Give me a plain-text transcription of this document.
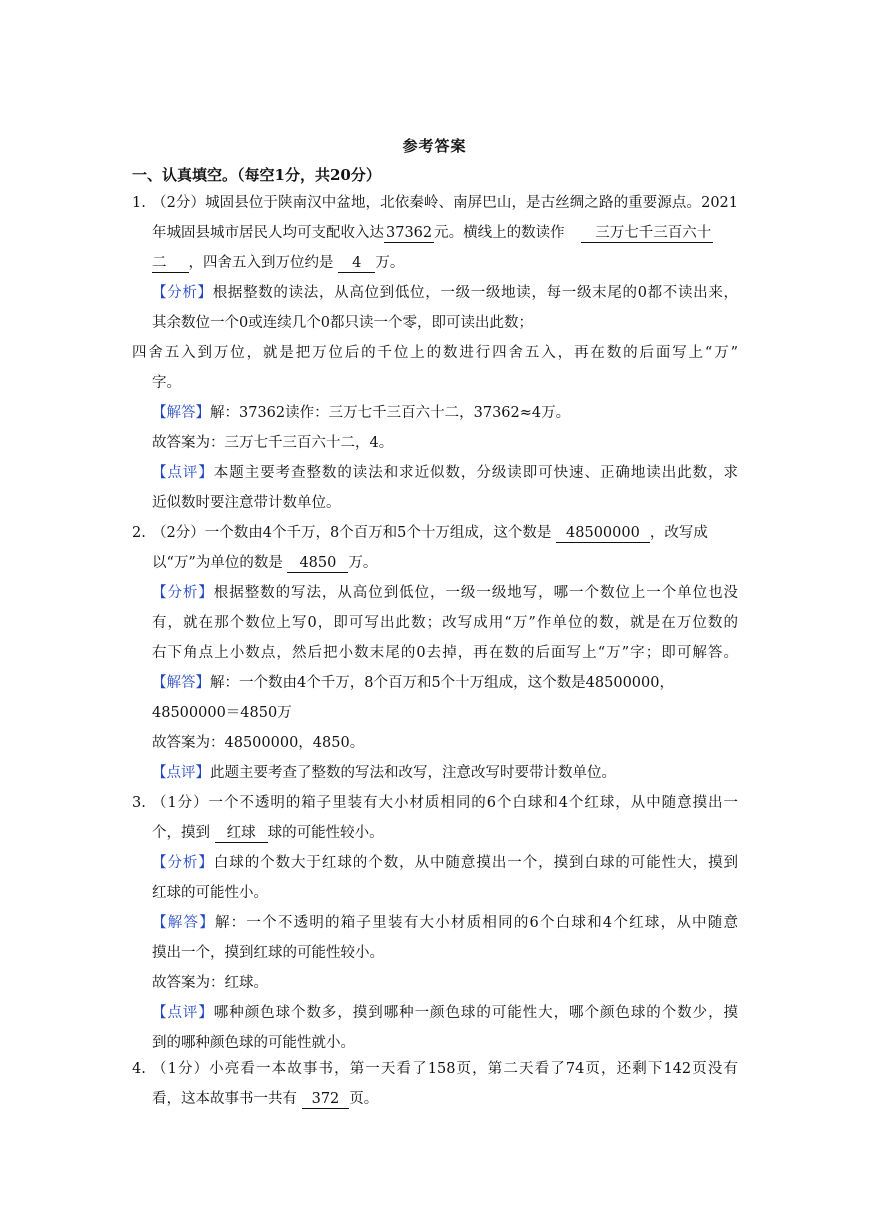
参考答案
一、认真填空。（每空1分，共20分）
1. （2分）城固县位于陕南汉中盆地，北依秦岭、南屏巴山，是古丝绸之路的重要源点。2021
年城固县城市居民人均可支配收入达 37362 元。横线上的数读作 三万七千三百六十
二 ，四舍五入到万位约是 4 万。
【分析】根据整数的读法，从高位到低位，一级一级地读，每一级末尾的0都不读出来，
其余数位一个0或连续几个0都只读一个零，即可读出此数；
四舍五入到万位，就是把万位后的千位上的数进行四舍五入，再在数的后面写上“万”
字。
【解答】解：37362读作：三万七千三百六十二，37362≈4万。
故答案为：三万七千三百六十二，4。
【点评】本题主要考查整数的读法和求近似数，分级读即可快速、正确地读出此数，求
近似数时要注意带计数单位。
2. （2分）一个数由4个千万，8个百万和5个十万组成，这个数是 48500000 ，改写成
以“万”为单位的数是 4850 万。
【分析】根据整数的写法，从高位到低位，一级一级地写，哪一个数位上一个单位也没
有，就在那个数位上写0，即可写出此数；改写成用“万”作单位的数，就是在万位数的
右下角点上小数点，然后把小数末尾的0去掉，再在数的后面写上“万”字；即可解答。
【解答】解：一个数由4个千万，8个百万和5个十万组成，这个数是48500000，
48500000＝4850万
故答案为：48500000，4850。
【点评】此题主要考查了整数的写法和改写，注意改写时要带计数单位。
3. （1分）一个不透明的箱子里装有大小材质相同的6个白球和4个红球，从中随意摸出一
个，摸到 红球 球的可能性较小。
【分析】白球的个数大于红球的个数，从中随意摸出一个，摸到白球的可能性大，摸到
红球的可能性小。
【解答】解：一个不透明的箱子里装有大小材质相同的6个白球和4个红球，从中随意
摸出一个，摸到红球的可能性较小。
故答案为：红球。
【点评】哪种颜色球个数多，摸到哪种一颜色球的可能性大，哪个颜色球的个数少，摸
到的哪种颜色球的可能性就小。
4. （1分）小亮看一本故事书，第一天看了158页，第二天看了74页，还剩下142页没有
看，这本故事书一共有 372 页。
